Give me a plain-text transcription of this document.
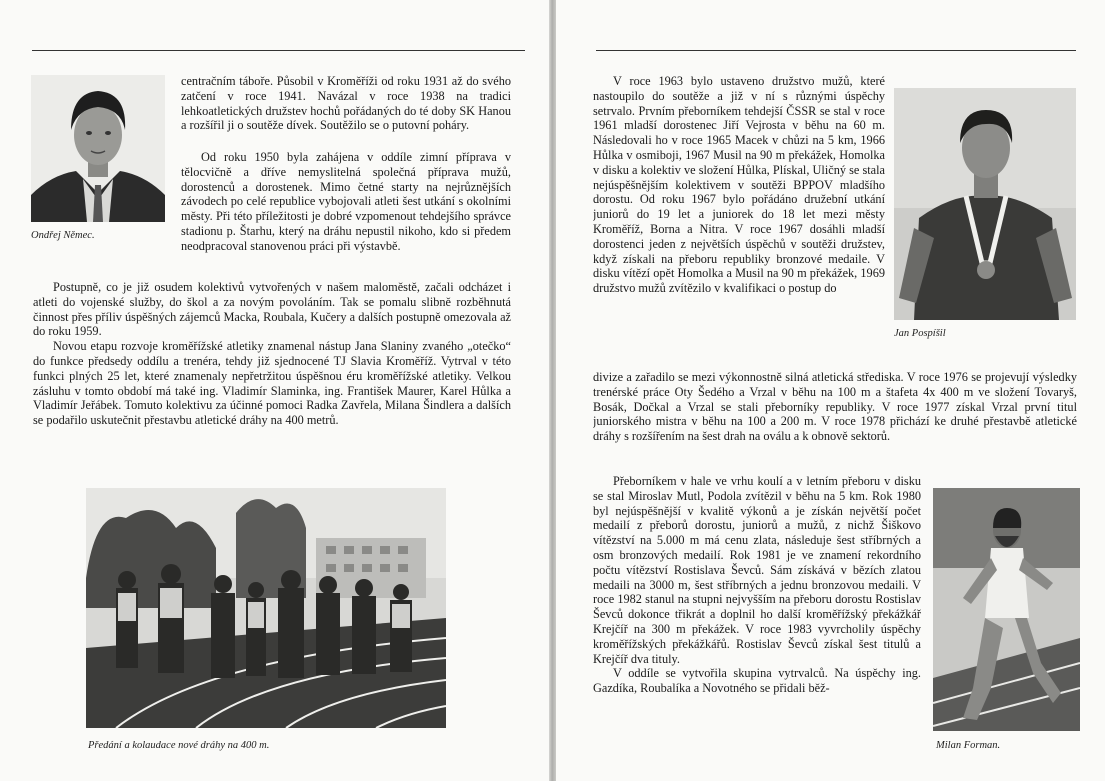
Ondřej Němec.

centračním táboře. Působil v Kroměříži od roku 1931 až do svého zatčení v roce 1941. Navázal v roce 1938 na tradici lehkoatletických družstev hochů pořádaných do té doby SK Hanou a rozšířil ji o soutěže dívek. Soutěžilo se o putovní poháry.

Od roku 1950 byla zahájena v oddíle zimní příprava v tělocvičně a dříve nemyslitelná společná příprava mužů, dorostenců a dorostenek. Mimo četné starty na nejrůznějších závodech po celé republice vybojovali atleti šest utkání s okolními městy. Při této příležitosti je dobré vzpomenout tehdejšího správce stadionu p. Štarhu, který na dráhu nepustil nikoho, kdo si předem neodpracoval stanovenou práci při výstavbě.

Postupně, co je již osudem kolektivů vytvořených v našem maloměstě, začali odcházet i atleti do vojenské služby, do škol a za novým povoláním. Tak se pomalu slibně rozběhnutá činnost přes příliv úspěšných zájemců Macka, Roubala, Kučery a dalších postupně omezovala až do roku 1959.

Novou etapu rozvoje kroměřížské atletiky znamenal nástup Jana Slaniny zvaného „otečko“ do funkce předsedy oddílu a trenéra, tehdy již sjednocené TJ Slavia Kroměříž. Vytrval v této funkci plných 25 let, které znamenaly nepřetržitou úspěšnou éru kroměřížské atletiky. Velkou zásluhu v tomto období má také ing. Vladimír Slaminka, ing. František Maurer, Karel Hůlka a Vladimír Jeřábek. Tomuto kolektivu za účinné pomoci Radka Zavřela, Milana Šindlera a dalších se podařilo uskutečnit přestavbu atletické dráhy na 400 metrů.

Předání a kolaudace nové dráhy na 400 m.

V roce 1963 bylo ustaveno družstvo mužů, které nastoupilo do soutěže a již v ní s různými úspěchy setrvalo. Prvním přeborníkem tehdejší ČSSR se stal v roce 1961 mladší dorostenec Jiří Vejrosta v běhu na 60 m. Následovali ho v roce 1965 Macek v chůzi na 5 km, 1966 Hůlka v osmiboji, 1967 Musil na 90 m překážek, Homolka v disku a kolektiv ve složení Hůlka, Plískal, Uličný se stala nejúspěšnějším kolektivem v soutěži BPPOV mladšího dorostu. Od roku 1967 bylo pořádáno družební utkání juniorů do 19 let a juniorek do 18 let mezi městy Kroměříž, Borna a Nitra. V roce 1967 dosáhli mladší dorostenci jeden z největších úspěchů v soutěži družstev, když získali na přeboru republiky bronzové medaile. V disku vítězí opět Homolka a Musil na 90 m překážek, 1969 družstvo mužů zvítězilo v kvalifikaci o postup do

Jan Pospíšil

divize a zařadilo se mezi výkonnostně silná atletická střediska. V roce 1976 se projevují výsledky trenérské práce Oty Šedého a Vrzal v běhu na 100 m a štafeta 4x 400 m ve složení Tovaryš, Bosák, Dočkal a Vrzal se stali přeborníky republiky. V roce 1977 získal Vrzal první titul juniorského mistra v běhu na 100 a 200 m. V roce 1978 přichází ke druhé přestavbě atletické dráhy s rozšířením na šest drah na oválu a k obnově sektorů.

Přeborníkem v hale ve vrhu koulí a v letním přeboru v disku se stal Miroslav Mutl, Podola zvítězil v běhu na 5 km. Rok 1980 byl nejúspěšnější v kvalitě výkonů a je získán největší počet medailí z přeborů dorostu, juniorů a mužů, z nichž Šiškovo vítězství na 5.000 m má cenu zlata, následuje šest stříbrných a osm bronzových medailí. Rok 1981 je ve znamení rekordního počtu vítězství Rostislava Ševců. Sám získává v bězích zlatou medaili na 3000 m, šest stříbrných a jednu bronzovou medaili. V roce 1982 stanul na stupni nejvyšším na přeboru dorostu Rostislav Ševců dokonce třikrát a doplnil ho další kroměřížský překážkář Krejčíř na 300 m překážek. V roce 1983 vyvrcholily úspěchy kroměřížských překážkářů. Rostislav Ševců získal šest titulů a Krejčíř dva tituly.

V oddíle se vytvořila skupina vytrvalců. Na úspěchy ing. Gazdíka, Roubalíka a Novotného se přidali běž-

Milan Forman.
